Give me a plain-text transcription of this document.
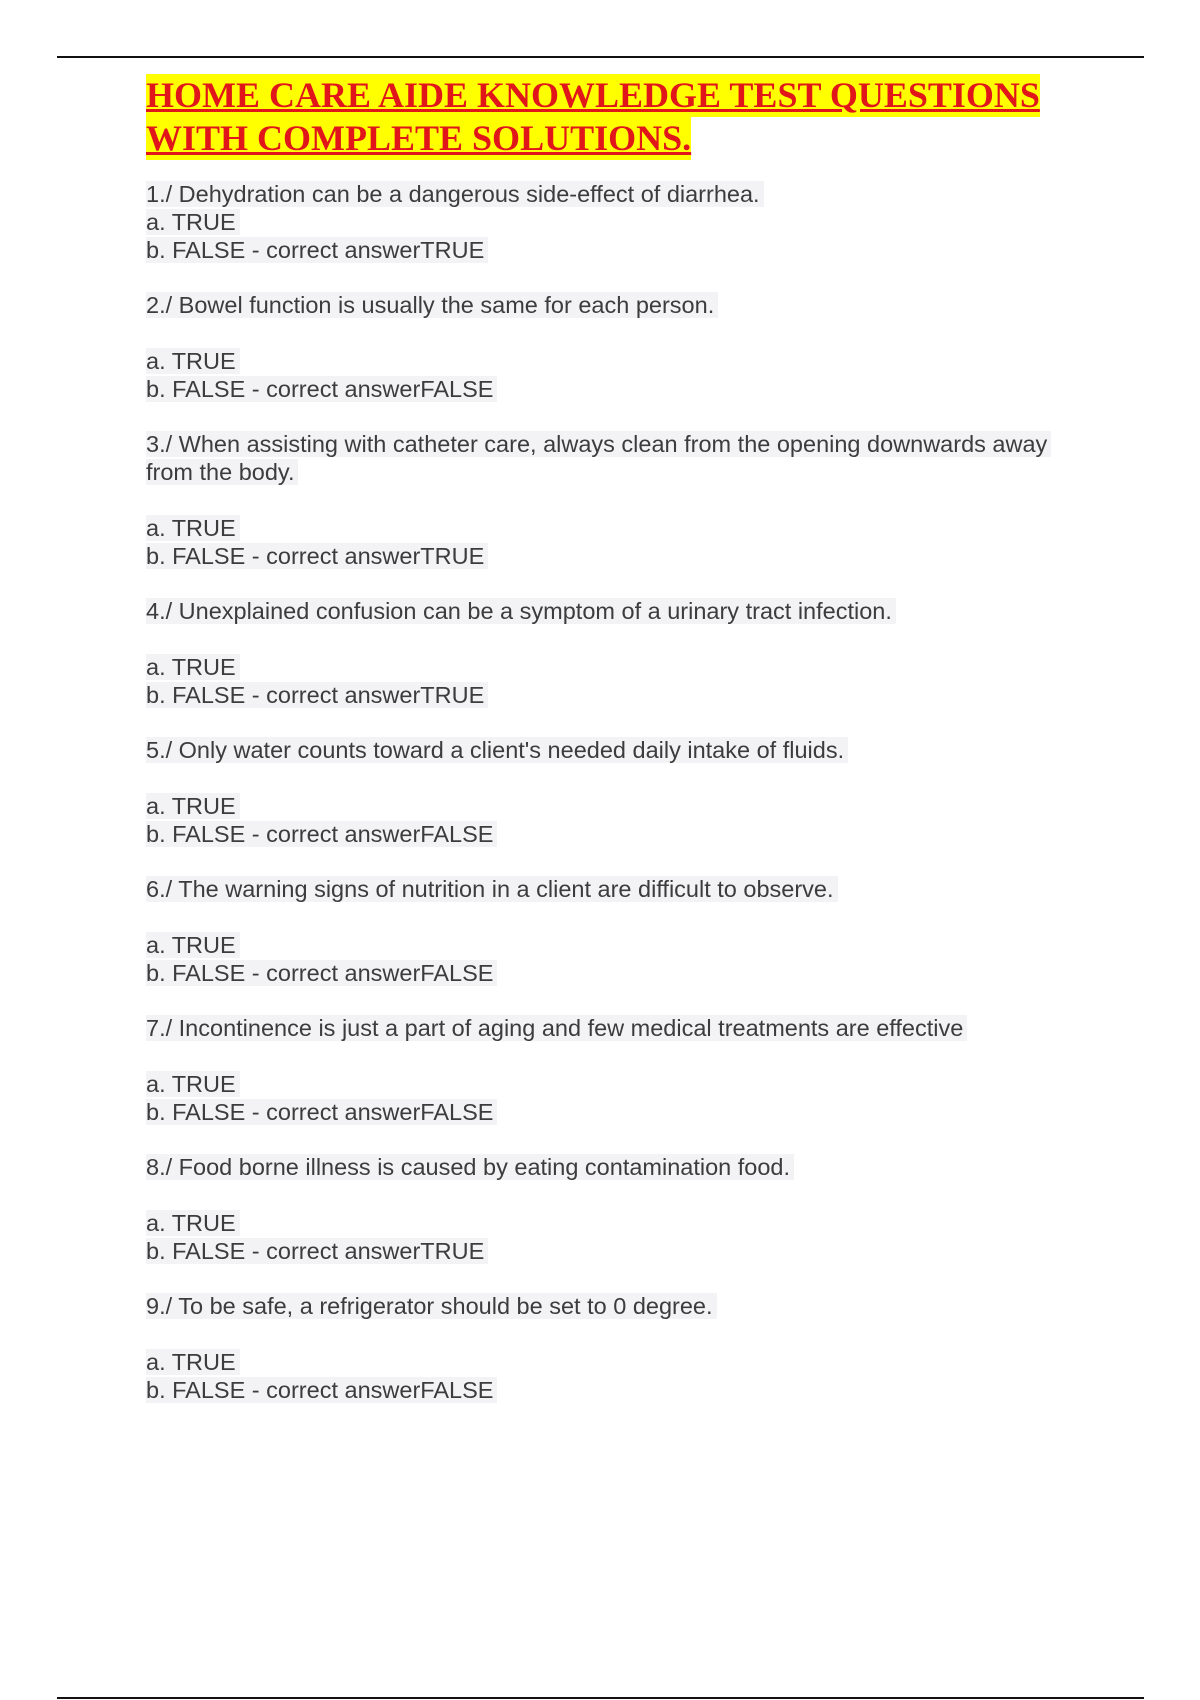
HOME CARE AIDE KNOWLEDGE TEST QUESTIONS
WITH COMPLETE SOLUTIONS.
1./ Dehydration can be a dangerous side-effect of diarrhea.
a. TRUE
b. FALSE - correct answerTRUE
2./ Bowel function is usually the same for each person.
a. TRUE
b. FALSE - correct answerFALSE
3./ When assisting with catheter care, always clean from the opening downwards away
from the body.
a. TRUE
b. FALSE - correct answerTRUE
4./ Unexplained confusion can be a symptom of a urinary tract infection.
a. TRUE
b. FALSE - correct answerTRUE
5./ Only water counts toward a client's needed daily intake of fluids.
a. TRUE
b. FALSE - correct answerFALSE
6./ The warning signs of nutrition in a client are difficult to observe.
a. TRUE
b. FALSE - correct answerFALSE
7./ Incontinence is just a part of aging and few medical treatments are effective
a. TRUE
b. FALSE - correct answerFALSE
8./ Food borne illness is caused by eating contamination food.
a. TRUE
b. FALSE - correct answerTRUE
9./ To be safe, a refrigerator should be set to 0 degree.
a. TRUE
b. FALSE - correct answerFALSE
